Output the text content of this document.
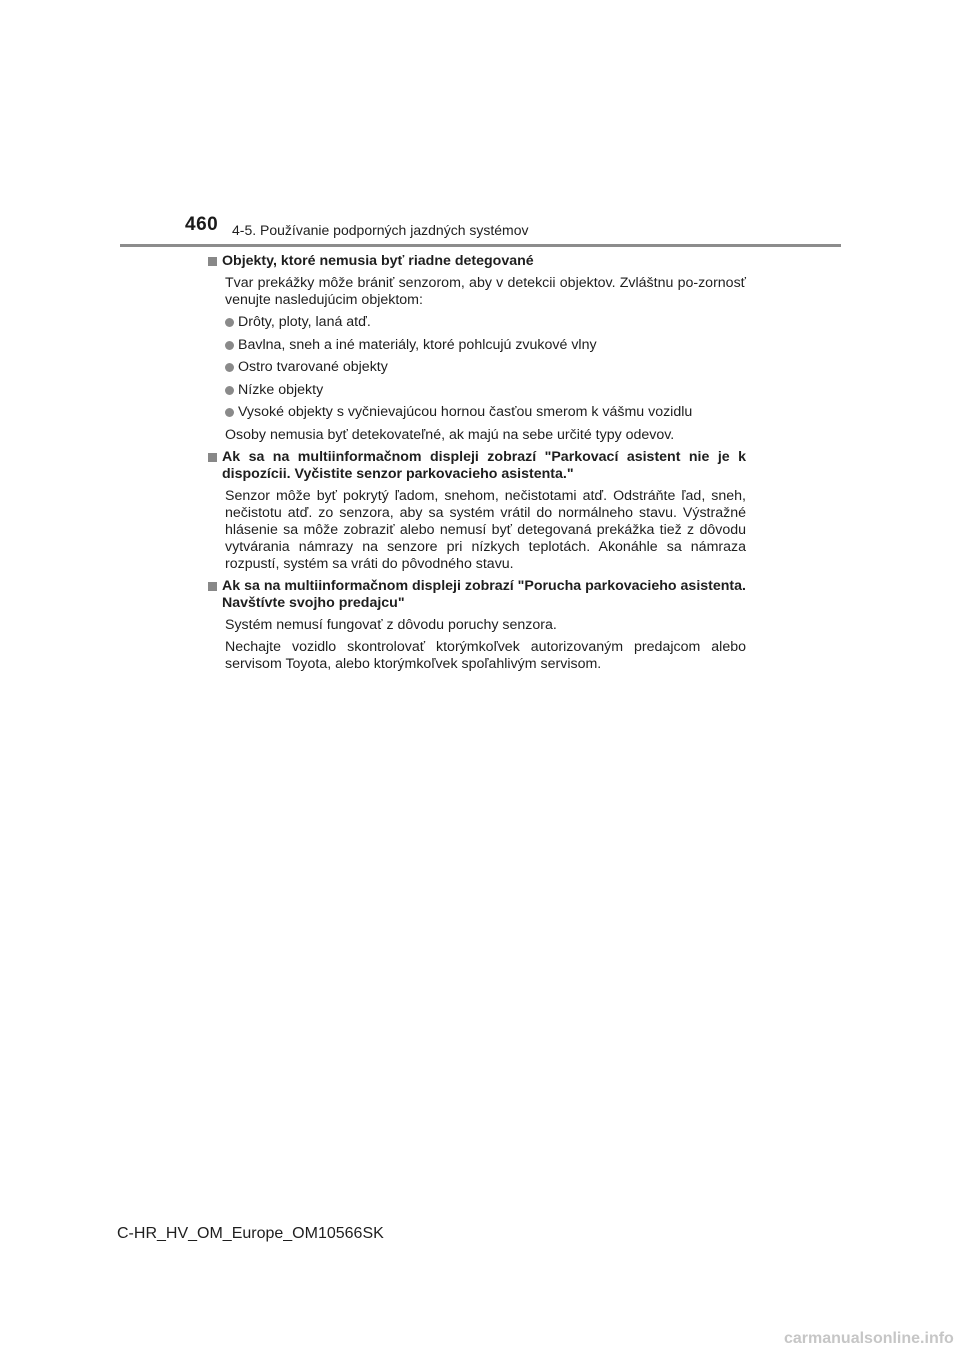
460 4-5. Používanie podporných jazdných systémov
Objekty, ktoré nemusia byť riadne detegované

Tvar prekážky môže brániť senzorom, aby v detekcii objektov. Zvláštnu po-zornosť venujte nasledujúcim objektom:

Drôty, ploty, laná atď.
Bavlna, sneh a iné materiály, ktoré pohlcujú zvukové vlny
Ostro tvarované objekty
Nízke objekty
Vysoké objekty s vyčnievajúcou hornou časťou smerom k vášmu vozidlu

Osoby nemusia byť detekovateľné, ak majú na sebe určité typy odevov.

Ak sa na multiinformačnom displeji zobrazí "Parkovací asistent nie je k dispozícii. Vyčistite senzor parkovacieho asistenta."

Senzor môže byť pokrytý ľadom, snehom, nečistotami atď. Odstráňte ľad, sneh, nečistotu atď. zo senzora, aby sa systém vrátil do normálneho stavu. Výstražné hlásenie sa môže zobraziť alebo nemusí byť detegovaná prekážka tiež z dôvodu vytvárania námrazy na senzore pri nízkych teplotách. Akonáhle sa námraza rozpustí, systém sa vráti do pôvodného stavu.

Ak sa na multiinformačnom displeji zobrazí "Porucha parkovacieho asistenta. Navštívte svojho predajcu"

Systém nemusí fungovať z dôvodu poruchy senzora.

Nechajte vozidlo skontrolovať ktorýmkoľvek autorizovaným predajcom alebo servisom Toyota, alebo ktorýmkoľvek spoľahlivým servisom.

C-HR_HV_OM_Europe_OM10566SK
carmanualsonline.info
